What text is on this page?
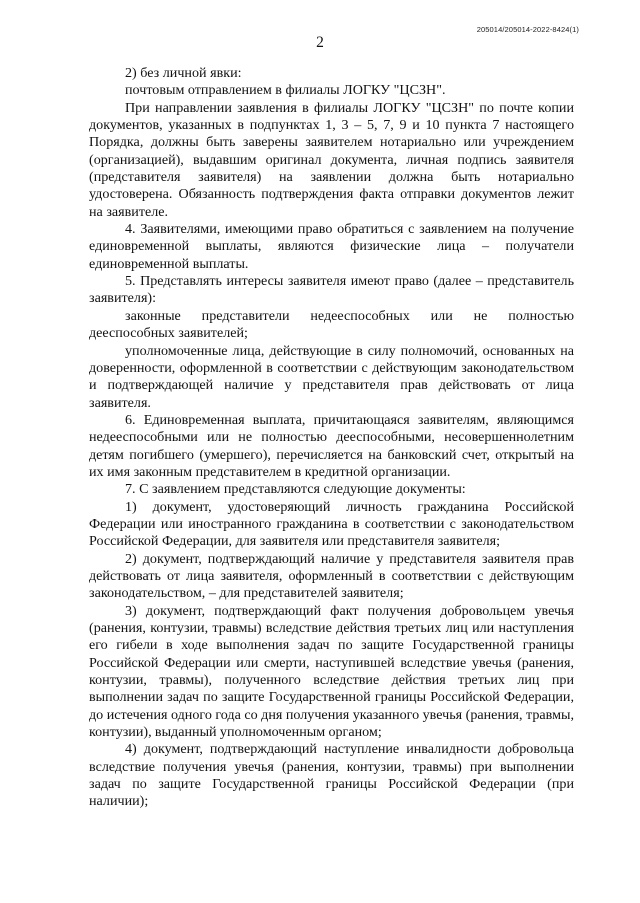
205014/205014-2022-8424(1)
2

2) без личной явки:

почтовым отправлением в филиалы ЛОГКУ "ЦСЗН".

При направлении заявления в филиалы ЛОГКУ "ЦСЗН" по почте копии документов, указанных в подпунктах 1, 3 – 5, 7, 9 и 10 пункта 7 настоящего Порядка, должны быть заверены заявителем нотариально или учреждением (организацией), выдавшим оригинал документа, личная подпись заявителя (представителя заявителя) на заявлении должна быть нотариально удостоверена. Обязанность подтверждения факта отправки документов лежит на заявителе.

4. Заявителями, имеющими право обратиться с заявлением на получение единовременной выплаты, являются физические лица – получатели единовременной выплаты.

5. Представлять интересы заявителя имеют право (далее – представитель заявителя):

законные представители недееспособных или не полностью дееспособных заявителей;

уполномоченные лица, действующие в силу полномочий, основанных на доверенности, оформленной в соответствии с действующим законодательством и подтверждающей наличие у представителя прав действовать от лица заявителя.

6. Единовременная выплата, причитающаяся заявителям, являющимся недееспособными или не полностью дееспособными, несовершеннолетним детям погибшего (умершего), перечисляется на банковский счет, открытый на их имя законным представителем в кредитной организации.

7. С заявлением представляются следующие документы:

1) документ, удостоверяющий личность гражданина Российской Федерации или иностранного гражданина в соответствии с законодательством Российской Федерации, для заявителя или представителя заявителя;

2) документ, подтверждающий наличие у представителя заявителя прав действовать от лица заявителя, оформленный в соответствии с действующим законодательством, – для представителей заявителя;

3) документ, подтверждающий факт получения добровольцем увечья (ранения, контузии, травмы) вследствие действия третьих лиц или наступления его гибели в ходе выполнения задач по защите Государственной границы Российской Федерации или смерти, наступившей вследствие увечья (ранения, контузии, травмы), полученного вследствие действия третьих лиц при выполнении задач по защите Государственной границы Российской Федерации, до истечения одного года со дня получения указанного увечья (ранения, травмы, контузии), выданный уполномоченным органом;

4) документ, подтверждающий наступление инвалидности добровольца вследствие получения увечья (ранения, контузии, травмы) при выполнении задач по защите Государственной границы Российской Федерации (при наличии);
